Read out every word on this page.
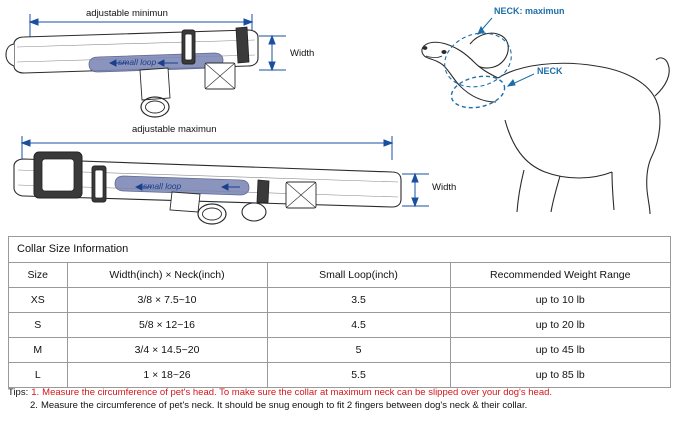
adjustable minimun
Width
small loop
adjustable maximun
Width
small loop
NECK: maximun
NECK
Collar Size Information
Size	Width(inch) × Neck(inch)	Small Loop(inch)	Recommended Weight Range
XS	3/8 × 7.5~10	3.5	up to 10 lb
S	5/8 × 12~16	4.5	up to 20 lb
M	3/4 × 14.5~20	5	up to 45 lb
L	1 × 18~26	5.5	up to 85 lb
Tips: 1. Measure the circumference of pet's head. To make sure the collar at maximum neck can be slipped over your dog's head.
2. Measure the circumference of pet's neck. It should be snug enough to fit 2 fingers between dog's neck & their collar.
